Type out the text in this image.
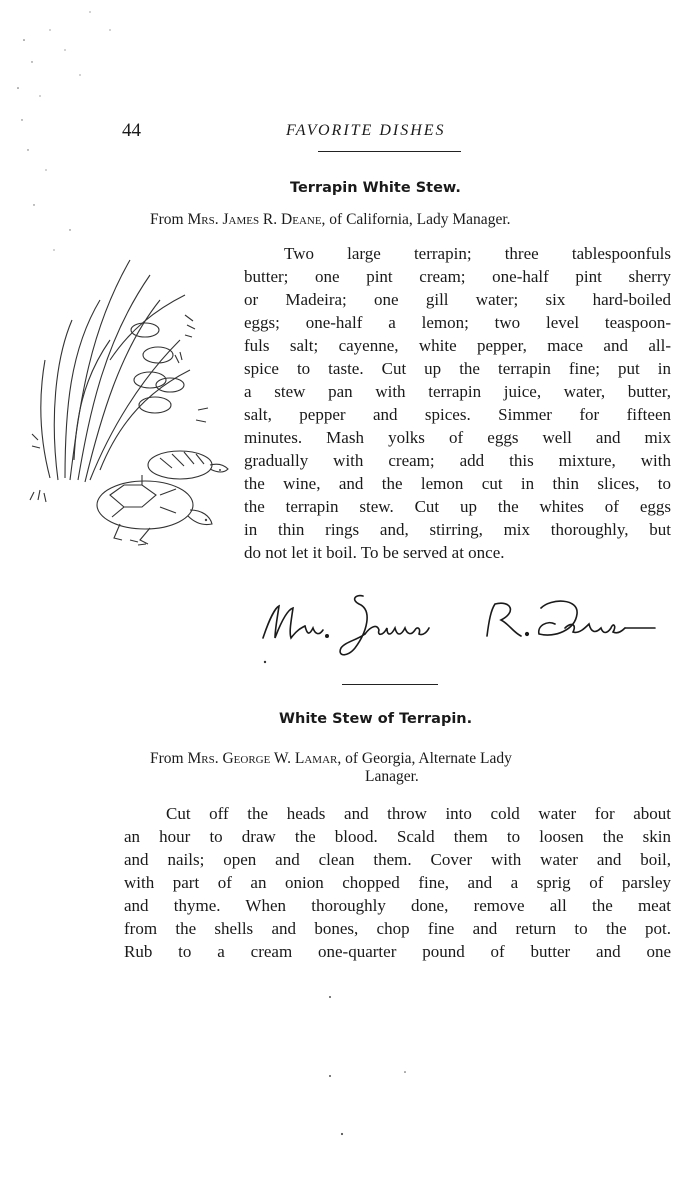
44	FAVORITE DISHES
Terrapin White Stew.
From Mrs. James R. Deane, of California, Lady Manager.
Two large terrapin; three tablespoonfuls
butter; one pint cream; one-half pint sherry
or Madeira; one gill water; six hard-boiled
eggs; one-half a lemon; two level teaspoon-
fuls salt; cayenne, white pepper, mace and all-
spice to taste. Cut up the terrapin fine; put in
a stew pan with terrapin juice, water, butter,
salt, pepper and spices. Simmer for fifteen
minutes. Mash yolks of eggs well and mix
gradually with cream; add this mixture, with
the wine, and the lemon cut in thin slices, to
the terrapin stew. Cut up the whites of eggs
in thin rings and, stirring, mix thoroughly, but
do not let it boil. To be served at once.
White Stew of Terrapin.
From Mrs. George W. Lamar, of Georgia, Alternate Lady
Lanager.
Cut off the heads and throw into cold water for about
an hour to draw the blood. Scald them to loosen the skin
and nails; open and clean them. Cover with water and boil,
with part of an onion chopped fine, and a sprig of parsley
and thyme. When thoroughly done, remove all the meat
from the shells and bones, chop fine and return to the pot.
Rub to a cream one-quarter pound of butter and one
